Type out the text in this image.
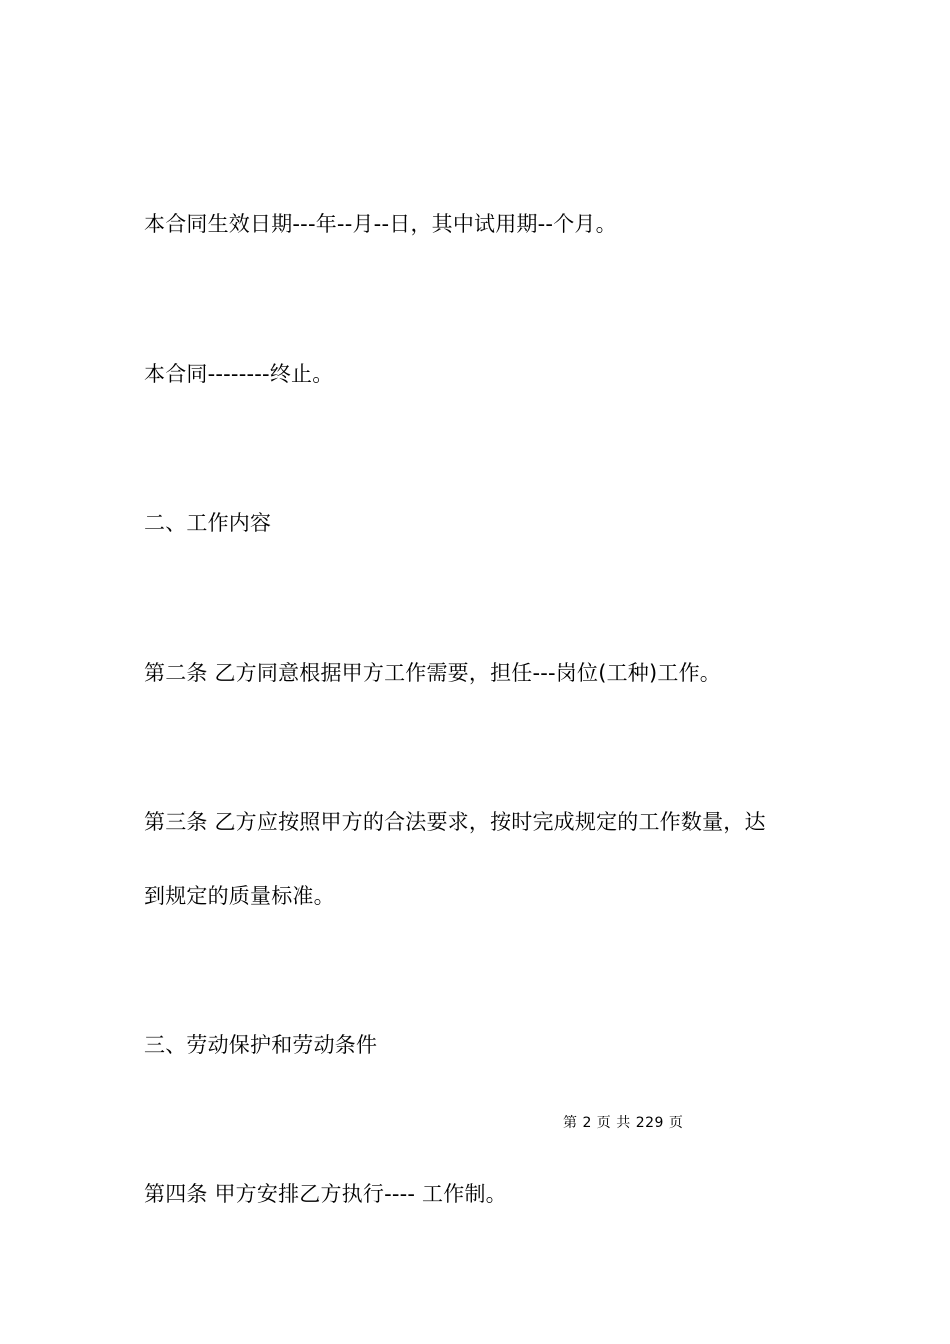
本合同生效日期---年--月--日，其中试用期--个月。
本合同--------终止。
二、工作内容
第二条 乙方同意根据甲方工作需要，担任---岗位(工种)工作。
第三条 乙方应按照甲方的合法要求，按时完成规定的工作数量，达
到规定的质量标准。
三、劳动保护和劳动条件
第 2 页 共 229 页
第四条 甲方安排乙方执行---- 工作制。
